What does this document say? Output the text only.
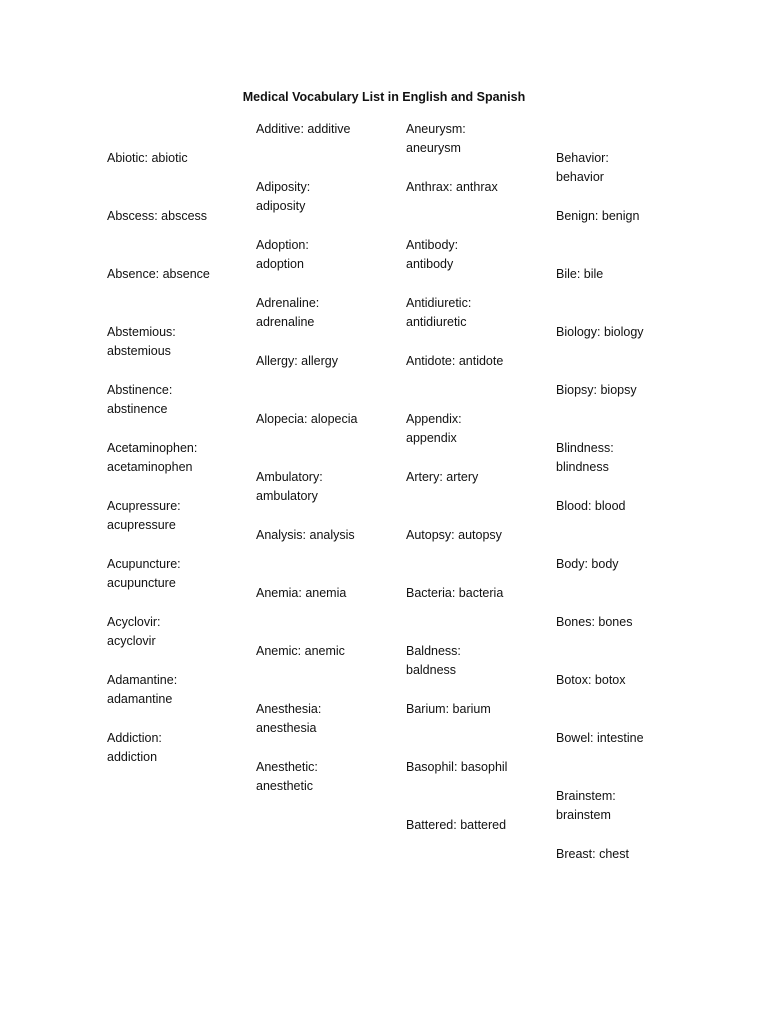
Medical Vocabulary List in English and Spanish
Abiotic: abiotic
Abscess: abscess
Absence: absence
Abstemious:
abstemious
Abstinence:
abstinence
Acetaminophen:
acetaminophen
Acupressure:
acupressure
Acupuncture:
acupuncture
Acyclovir:
acyclovir
Adamantine:
adamantine
Addiction:
addiction
Additive: additive
Adiposity:
adiposity
Adoption:
adoption
Adrenaline:
adrenaline
Allergy: allergy
Alopecia: alopecia
Ambulatory:
ambulatory
Analysis: analysis
Anemia: anemia
Anemic: anemic
Anesthesia:
anesthesia
Anesthetic:
anesthetic
Aneurysm:
aneurysm
Anthrax: anthrax
Antibody:
antibody
Antidiuretic:
antidiuretic
Antidote: antidote
Appendix:
appendix
Artery: artery
Autopsy: autopsy
Bacteria: bacteria
Baldness:
baldness
Barium: barium
Basophil: basophil
Battered: battered
Behavior:
behavior
Benign: benign
Bile: bile
Biology: biology
Biopsy: biopsy
Blindness:
blindness
Blood: blood
Body: body
Bones: bones
Botox: botox
Bowel: intestine
Brainstem:
brainstem
Breast: chest
